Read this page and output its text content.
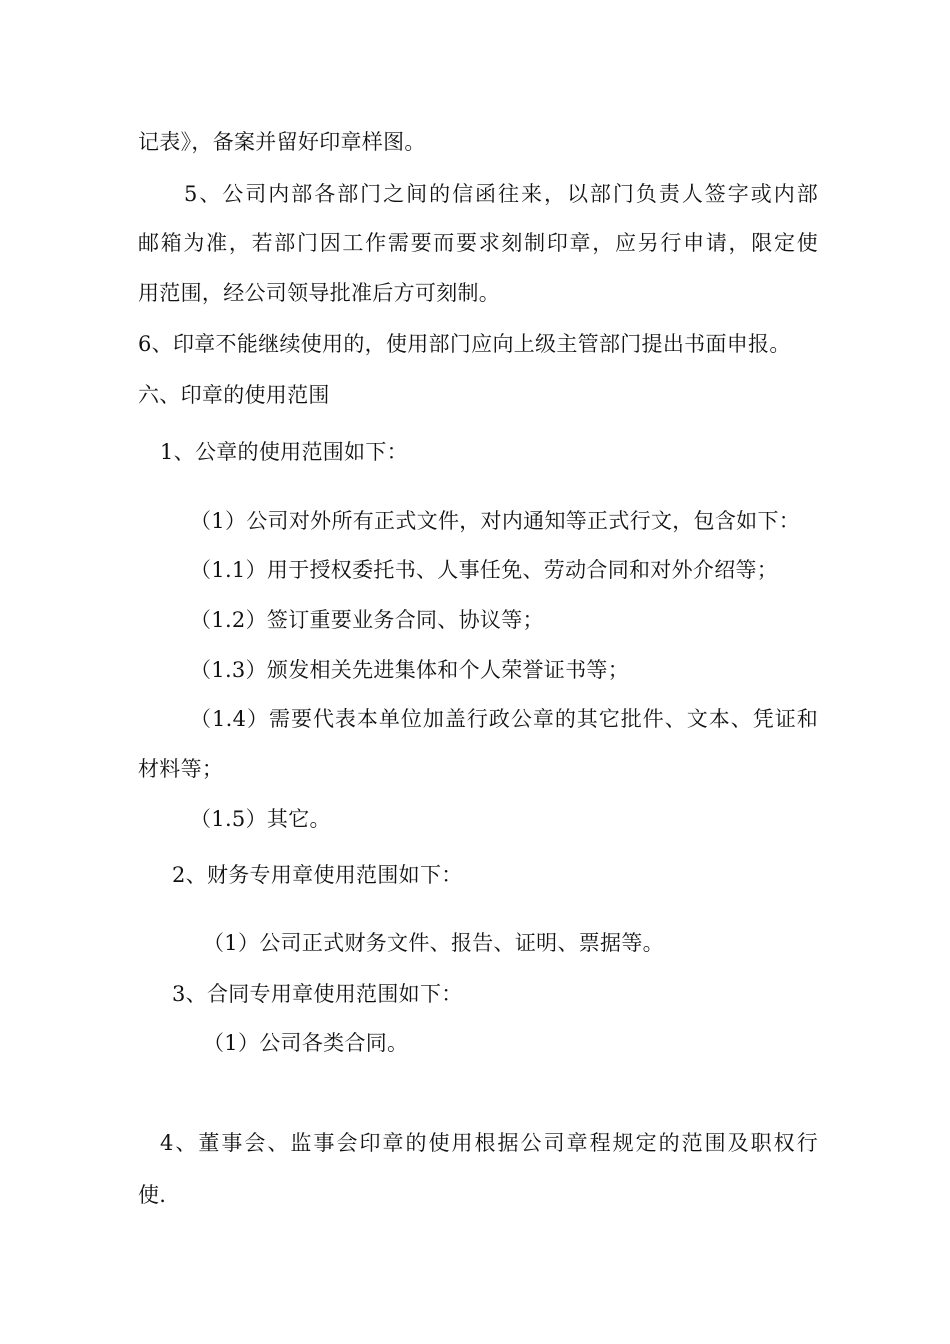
记表》，备案并留好印章样图。
5、公司内部各部门之间的信函往来，以部门负责人签字或内部
邮箱为准，若部门因工作需要而要求刻制印章，应另行申请，限定使
用范围，经公司领导批准后方可刻制。
6、印章不能继续使用的，使用部门应向上级主管部门提出书面申报。
六、印章的使用范围
1、公章的使用范围如下：
（1）公司对外所有正式文件，对内通知等正式行文，包含如下：
（1.1）用于授权委托书、人事任免、劳动合同和对外介绍等；
（1.2）签订重要业务合同、协议等；
（1.3）颁发相关先进集体和个人荣誉证书等；
（1.4）需要代表本单位加盖行政公章的其它批件、文本、凭证和
材料等；
（1.5）其它。
2、财务专用章使用范围如下：
（1）公司正式财务文件、报告、证明、票据等。
3、合同专用章使用范围如下：
（1）公司各类合同。
4、董事会、监事会印章的使用根据公司章程规定的范围及职权行
使.
